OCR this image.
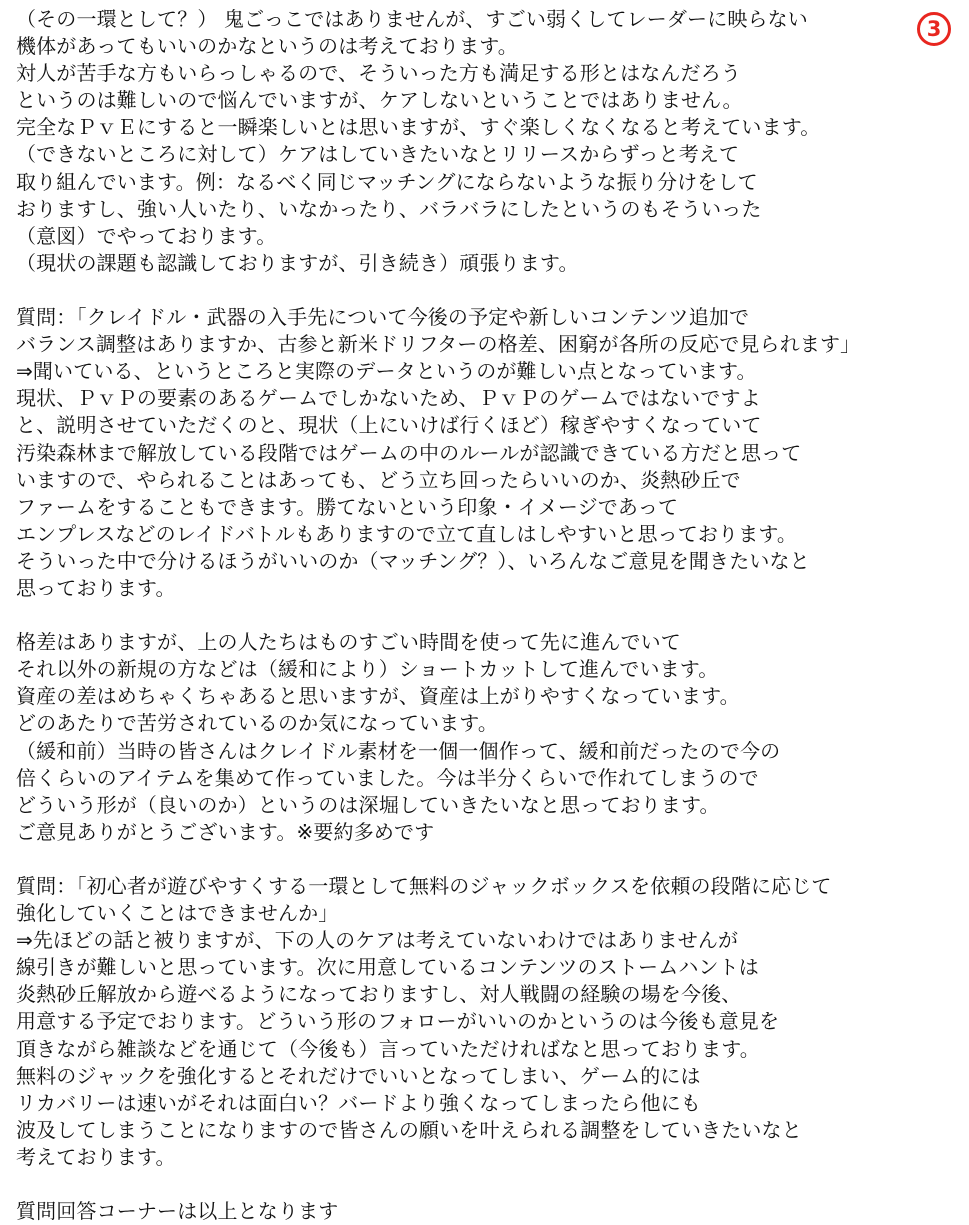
（その一環として？） 鬼ごっこではありませんが、すごい弱くしてレーダーに映らない
機体があってもいいのかなというのは考えております。
対人が苦手な方もいらっしゃるので、そういった方も満足する形とはなんだろう
というのは難しいので悩んでいますが、ケアしないということではありません。
完全なＰｖＥにすると一瞬楽しいとは思いますが、すぐ楽しくなくなると考えています。
（できないところに対して）ケアはしていきたいなとリリースからずっと考えて
取り組んでいます。例：なるべく同じマッチングにならないような振り分けをして
おりますし、強い人いたり、いなかったり、バラバラにしたというのもそういった
（意図）でやっております。
（現状の課題も認識しておりますが、引き続き）頑張ります。
質問：「クレイドル・武器の入手先について今後の予定や新しいコンテンツ追加で
バランス調整はありますか、古参と新米ドリフターの格差、困窮が各所の反応で見られます」
⇒聞いている、というところと実際のデータというのが難しい点となっています。
現状、ＰｖＰの要素のあるゲームでしかないため、ＰｖＰのゲームではないですよ
と、説明させていただくのと、現状（上にいけば行くほど）稼ぎやすくなっていて
汚染森林まで解放している段階ではゲームの中のルールが認識できている方だと思って
いますので、やられることはあっても、どう立ち回ったらいいのか、炎熱砂丘で
ファームをすることもできます。勝てないという印象・イメージであって
エンプレスなどのレイドバトルもありますので立て直しはしやすいと思っております。
そういった中で分けるほうがいいのか（マッチング？）、いろんなご意見を聞きたいなと
思っております。
格差はありますが、上の人たちはものすごい時間を使って先に進んでいて
それ以外の新規の方などは（緩和により）ショートカットして進んでいます。
資産の差はめちゃくちゃあると思いますが、資産は上がりやすくなっています。
どのあたりで苦労されているのか気になっています。
（緩和前）当時の皆さんはクレイドル素材を一個一個作って、緩和前だったので今の
倍くらいのアイテムを集めて作っていました。今は半分くらいで作れてしまうので
どういう形が（良いのか）というのは深堀していきたいなと思っております。
ご意見ありがとうございます。※要約多めです
質問：「初心者が遊びやすくする一環として無料のジャックボックスを依頼の段階に応じて
強化していくことはできませんか」
⇒先ほどの話と被りますが、下の人のケアは考えていないわけではありませんが
線引きが難しいと思っています。次に用意しているコンテンツのストームハントは
炎熱砂丘解放から遊べるようになっておりますし、対人戦闘の経験の場を今後、
用意する予定でおります。どういう形のフォローがいいのかというのは今後も意見を
頂きながら雑談などを通じて（今後も）言っていただければなと思っております。
無料のジャックを強化するとそれだけでいいとなってしまい、ゲーム的には
リカバリーは速いがそれは面白い？バードより強くなってしまったら他にも
波及してしまうことになりますので皆さんの願いを叶えられる調整をしていきたいなと
考えております。
質問回答コーナーは以上となります
3
